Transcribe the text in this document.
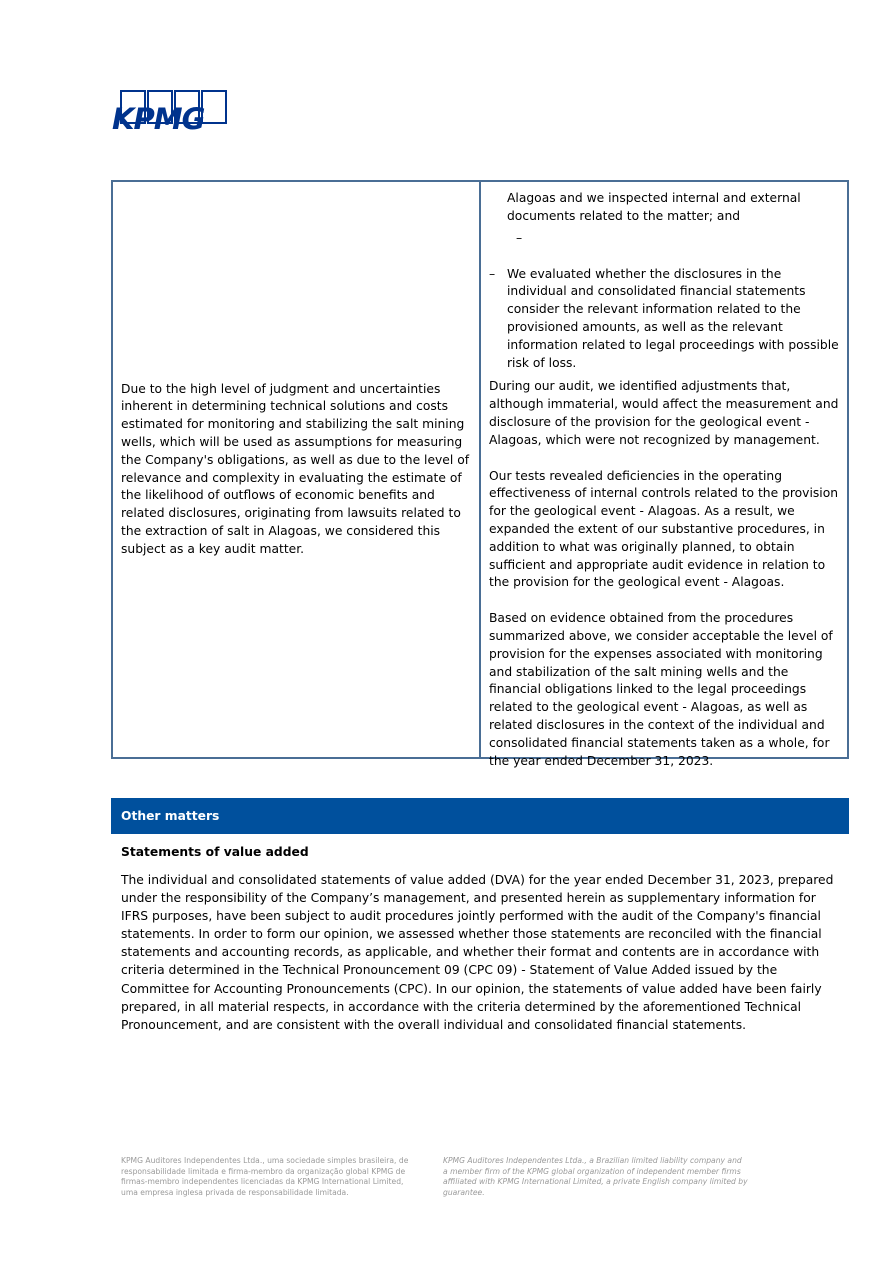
KPMG

Due to the high level of judgment and uncertainties inherent in determining technical solutions and costs estimated for monitoring and stabilizing the salt mining wells, which will be used as assumptions for measuring the Company's obligations, as well as due to the level of relevance and complexity in evaluating the estimate of the likelihood of outflows of economic benefits and related disclosures, originating from lawsuits related to the extraction of salt in Alagoas, we considered this subject as a key audit matter.

Alagoas and we inspected internal and external documents related to the matter; and

–
– We evaluated whether the disclosures in the individual and consolidated financial statements consider the relevant information related to the provisioned amounts, as well as the relevant information related to legal proceedings with possible risk of loss.

During our audit, we identified adjustments that, although immaterial, would affect the measurement and disclosure of the provision for the geological event - Alagoas, which were not recognized by management.

Our tests revealed deficiencies in the operating effectiveness of internal controls related to the provision for the geological event - Alagoas. As a result, we expanded the extent of our substantive procedures, in addition to what was originally planned, to obtain sufficient and appropriate audit evidence in relation to the provision for the geological event - Alagoas.

Based on evidence obtained from the procedures summarized above, we consider acceptable the level of provision for the expenses associated with monitoring and stabilization of the salt mining wells and the financial obligations linked to the legal proceedings related to the geological event - Alagoas, as well as related disclosures in the context of the individual and consolidated financial statements taken as a whole, for the year ended December 31, 2023.

Other matters
Statements of value added

The individual and consolidated statements of value added (DVA) for the year ended December 31, 2023, prepared under the responsibility of the Company’s management, and presented herein as supplementary information for IFRS purposes, have been subject to audit procedures jointly performed with the audit of the Company's financial statements. In order to form our opinion, we assessed whether those statements are reconciled with the financial statements and accounting records, as applicable, and whether their format and contents are in accordance with criteria determined in the Technical Pronouncement 09 (CPC 09) - Statement of Value Added issued by the Committee for Accounting Pronouncements (CPC). In our opinion, the statements of value added have been fairly prepared, in all material respects, in accordance with the criteria determined by the aforementioned Technical Pronouncement, and are consistent with the overall individual and consolidated financial statements.

KPMG Auditores Independentes Ltda., uma sociedade simples brasileira, de responsabilidade limitada e firma-membro da organização global KPMG de firmas-membro independentes licenciadas da KPMG International Limited, uma empresa inglesa privada de responsabilidade limitada.
KPMG Auditores Independentes Ltda., a Brazilian limited liability company and a member firm of the KPMG global organization of independent member firms affiliated with KPMG International Limited, a private English company limited by guarantee.
